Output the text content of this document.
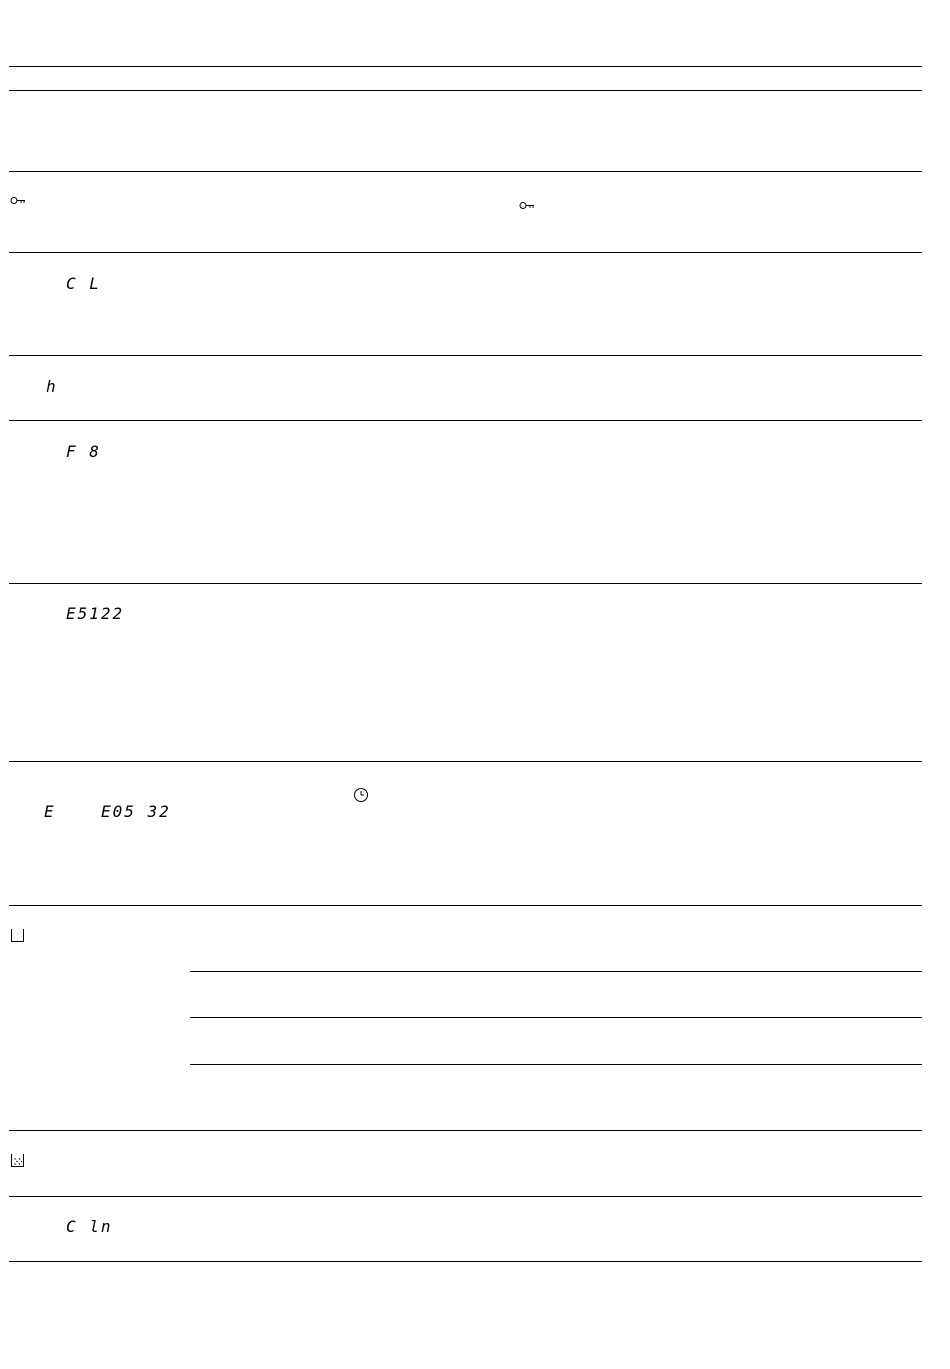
C L
h
F 8
E5122
E	E05 32
C ln
